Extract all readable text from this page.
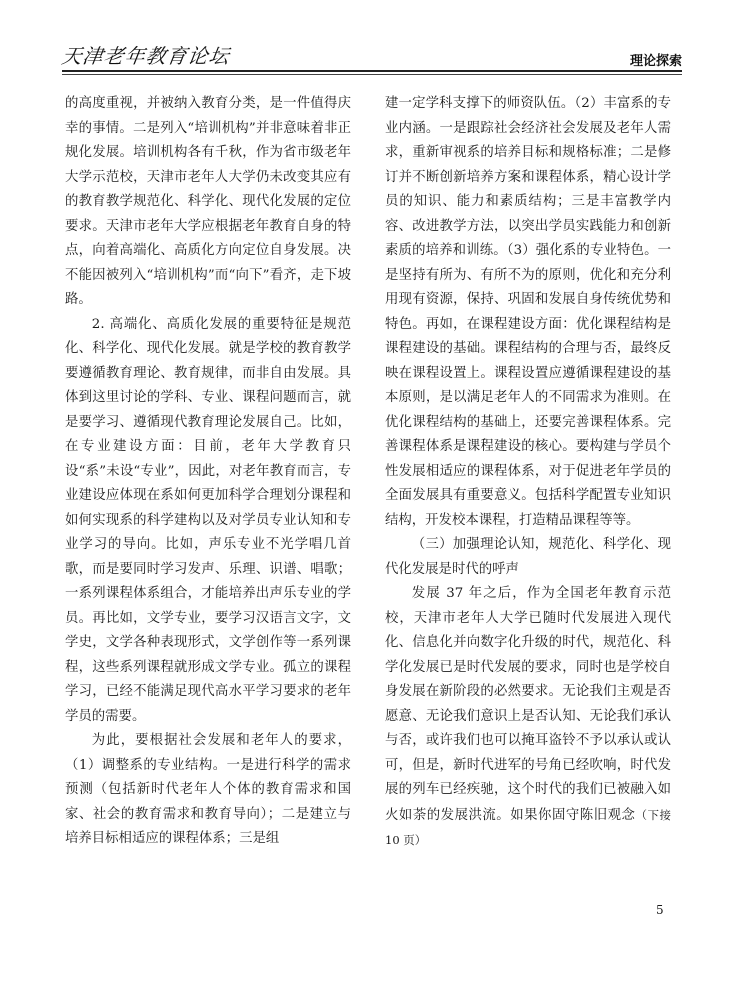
天津老年教育论坛	理论探索

的高度重视，并被纳入教育分类，是一件值得庆幸的事情。二是列入“培训机构”并非意味着非正规化发展。培训机构各有千秋，作为省市级老年大学示范校，天津市老年人大学仍未改变其应有的教育教学规范化、科学化、现代化发展的定位要求。天津市老年大学应根据老年教育自身的特点，向着高端化、高质化方向定位自身发展。决不能因被列入“培训机构”而“向下”看齐，走下坡路。

2. 高端化、高质化发展的重要特征是规范化、科学化、现代化发展。就是学校的教育教学要遵循教育理论、教育规律，而非自由发展。具体到这里讨论的学科、专业、课程问题而言，就是要学习、遵循现代教育理论发展自己。比如，在专业建设方面：目前，老年大学教育只设“系”未设“专业”，因此，对老年教育而言，专业建设应体现在系如何更加科学合理划分课程和如何实现系的科学建构以及对学员专业认知和专业学习的导向。比如，声乐专业不光学唱几首歌，而是要同时学习发声、乐理、识谱、唱歌；一系列课程体系组合，才能培养出声乐专业的学员。再比如，文学专业，要学习汉语言文字，文学史，文学各种表现形式，文学创作等一系列课程，这些系列课程就形成文学专业。孤立的课程学习，已经不能满足现代高水平学习要求的老年学员的需要。

为此，要根据社会发展和老年人的要求，（1）调整系的专业结构。一是进行科学的需求预测（包括新时代老年人个体的教育需求和国家、社会的教育需求和教育导向）；二是建立与培养目标相适应的课程体系；三是组

建一定学科支撑下的师资队伍。（2）丰富系的专业内涵。一是跟踪社会经济社会发展及老年人需求，重新审视系的培养目标和规格标准；二是修订并不断创新培养方案和课程体系，精心设计学员的知识、能力和素质结构；三是丰富教学内容、改进教学方法，以突出学员实践能力和创新素质的培养和训练。（3）强化系的专业特色。一是坚持有所为、有所不为的原则，优化和充分利用现有资源，保持、巩固和发展自身传统优势和特色。再如，在课程建设方面：优化课程结构是课程建设的基础。课程结构的合理与否，最终反映在课程设置上。课程设置应遵循课程建设的基本原则，是以满足老年人的不同需求为准则。在优化课程结构的基础上，还要完善课程体系。完善课程体系是课程建设的核心。要构建与学员个性发展相适应的课程体系，对于促进老年学员的全面发展具有重要意义。包括科学配置专业知识结构，开发校本课程，打造精品课程等等。

（三）加强理论认知，规范化、科学化、现代化发展是时代的呼声

发展 37 年之后，作为全国老年教育示范校，天津市老年人大学已随时代发展进入现代化、信息化并向数字化升级的时代，规范化、科学化发展已是时代发展的要求，同时也是学校自身发展在新阶段的必然要求。无论我们主观是否愿意、无论我们意识上是否认知、无论我们承认与否，或许我们也可以掩耳盗铃不予以承认或认可，但是，新时代进军的号角已经吹响，时代发展的列车已经疾驰，这个时代的我们已被融入如火如荼的发展洪流。如果你固守陈旧观念（下接 10 页）

5
